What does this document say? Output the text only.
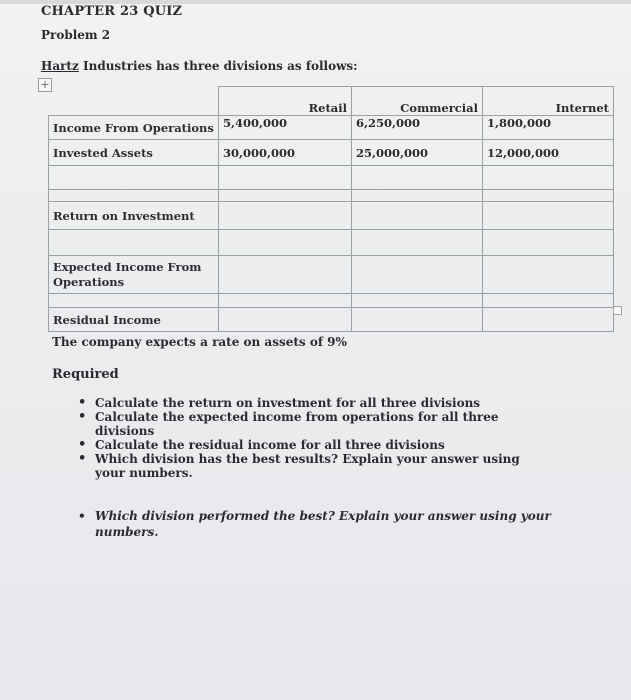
CHAPTER 23 QUIZ
Problem 2
Hartz Industries has three divisions as follows:
+
	Retail	Commercial	Internet
Income From Operations	5,400,000	6,250,000	1,800,000
Invested Assets	30,000,000	25,000,000	12,000,000

Return on Investment			

Expected Income From Operations			

Residual Income			
The company expects a rate on assets of 9%
Required
• Calculate the return on investment for all three divisions
• Calculate the expected income from operations for all three divisions
• Calculate the residual income for all three divisions
• Which division has the best results? Explain your answer using your numbers.
• Which division performed the best? Explain your answer using your numbers.
